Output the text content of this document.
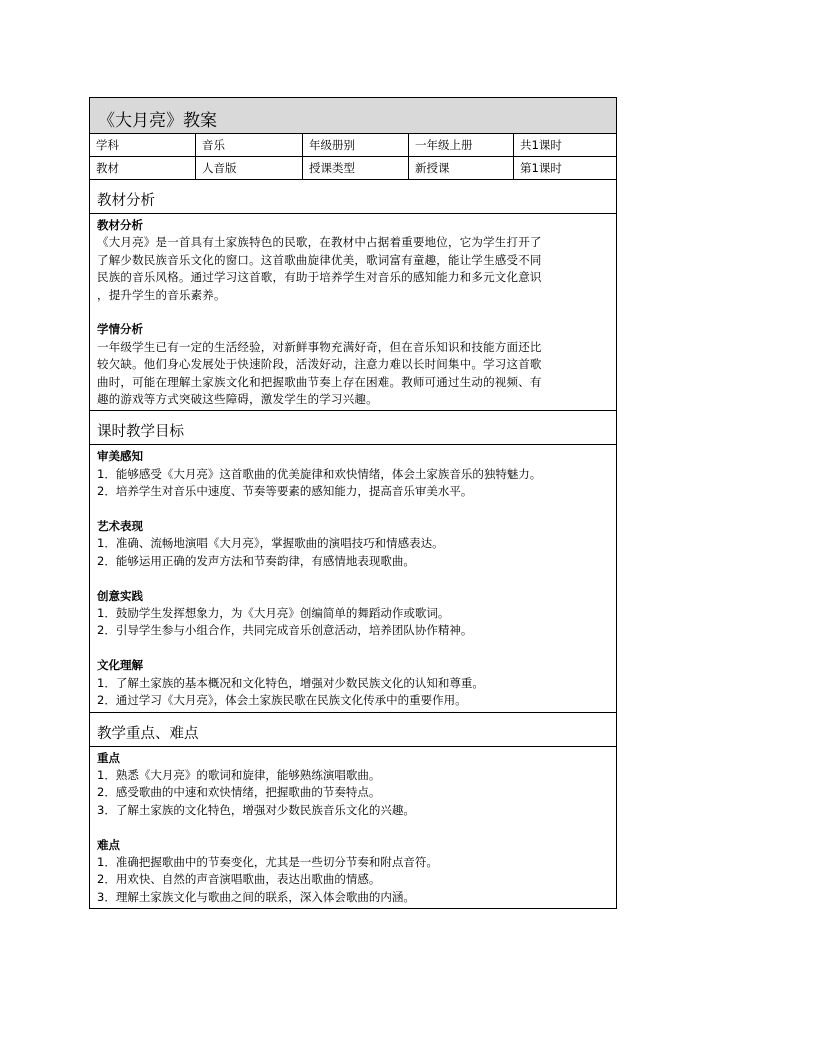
《大月亮》教案
学科	音乐	年级册别	一年级上册	共1课时
教材	人音版	授课类型	新授课	第1课时
教材分析
教材分析
《大月亮》是一首具有土家族特色的民歌，在教材中占据着重要地位，它为学生打开了
了解少数民族音乐文化的窗口。这首歌曲旋律优美，歌词富有童趣，能让学生感受不同
民族的音乐风格。通过学习这首歌，有助于培养学生对音乐的感知能力和多元文化意识
，提升学生的音乐素养。
学情分析
一年级学生已有一定的生活经验，对新鲜事物充满好奇，但在音乐知识和技能方面还比
较欠缺。他们身心发展处于快速阶段，活泼好动，注意力难以长时间集中。学习这首歌
曲时，可能在理解土家族文化和把握歌曲节奏上存在困难。教师可通过生动的视频、有
趣的游戏等方式突破这些障碍，激发学生的学习兴趣。
课时教学目标
审美感知
1．能够感受《大月亮》这首歌曲的优美旋律和欢快情绪，体会土家族音乐的独特魅力。
2．培养学生对音乐中速度、节奏等要素的感知能力，提高音乐审美水平。
艺术表现
1．准确、流畅地演唱《大月亮》，掌握歌曲的演唱技巧和情感表达。
2．能够运用正确的发声方法和节奏韵律，有感情地表现歌曲。
创意实践
1．鼓励学生发挥想象力，为《大月亮》创编简单的舞蹈动作或歌词。
2．引导学生参与小组合作，共同完成音乐创意活动，培养团队协作精神。
文化理解
1．了解土家族的基本概况和文化特色，增强对少数民族文化的认知和尊重。
2．通过学习《大月亮》，体会土家族民歌在民族文化传承中的重要作用。
教学重点、难点
重点
1．熟悉《大月亮》的歌词和旋律，能够熟练演唱歌曲。
2．感受歌曲的中速和欢快情绪，把握歌曲的节奏特点。
3．了解土家族的文化特色，增强对少数民族音乐文化的兴趣。
难点
1．准确把握歌曲中的节奏变化，尤其是一些切分节奏和附点音符。
2．用欢快、自然的声音演唱歌曲，表达出歌曲的情感。
3．理解土家族文化与歌曲之间的联系，深入体会歌曲的内涵。
